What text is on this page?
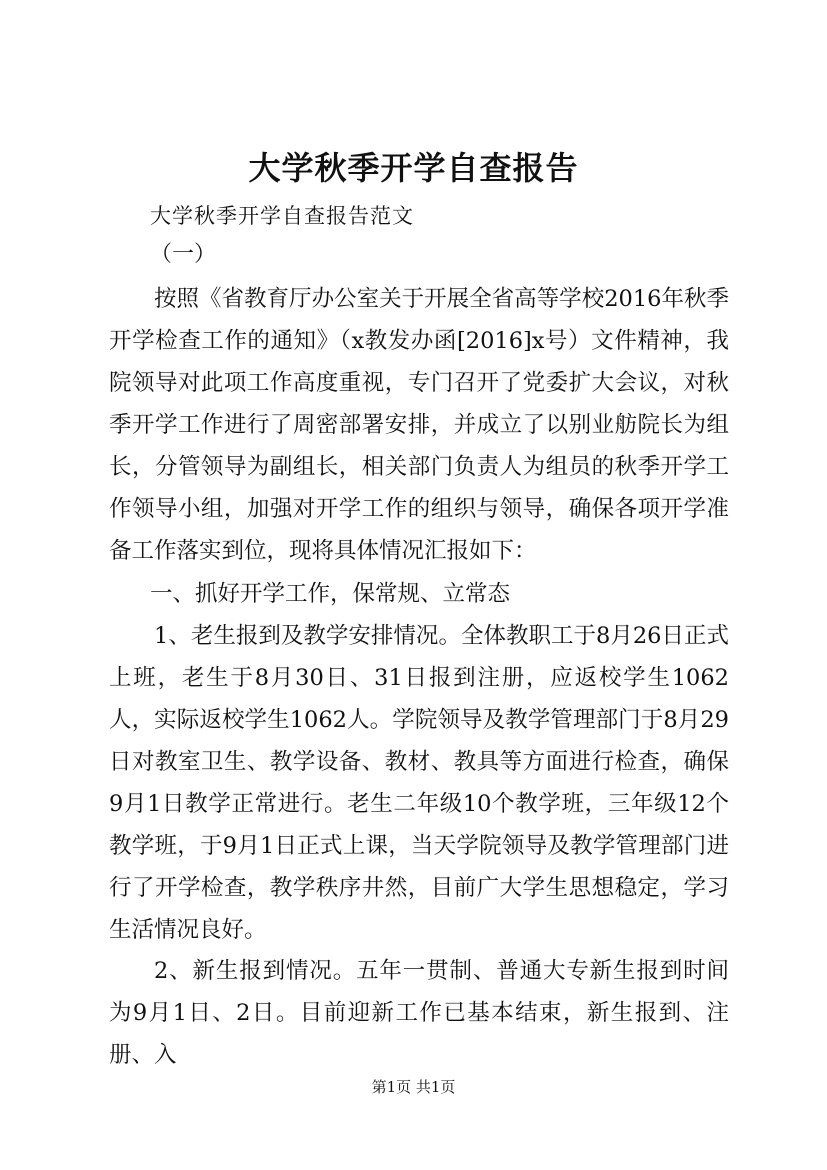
大学秋季开学自查报告
大学秋季开学自查报告范文
（一）

按照《省教育厅办公室关于开展全省高等学校2016年秋季开学检查工作的通知》（x教发办函[2016]x号）文件精神，我院领导对此项工作高度重视，专门召开了党委扩大会议，对秋季开学工作进行了周密部署安排，并成立了以别业舫院长为组长，分管领导为副组长，相关部门负责人为组员的秋季开学工作领导小组，加强对开学工作的组织与领导，确保各项开学准备工作落实到位，现将具体情况汇报如下：

一、抓好开学工作，保常规、立常态

1、老生报到及教学安排情况。全体教职工于8月26日正式上班，老生于8月30日、31日报到注册，应返校学生1062人，实际返校学生1062人。学院领导及教学管理部门于8月29日对教室卫生、教学设备、教材、教具等方面进行检查，确保9月1日教学正常进行。老生二年级10个教学班，三年级12个教学班，于9月1日正式上课，当天学院领导及教学管理部门进行了开学检查，教学秩序井然，目前广大学生思想稳定，学习生活情况良好。

2、新生报到情况。五年一贯制、普通大专新生报到时间为9月1日、2日。目前迎新工作已基本结束，新生报到、注册、入

第1页 共1页
